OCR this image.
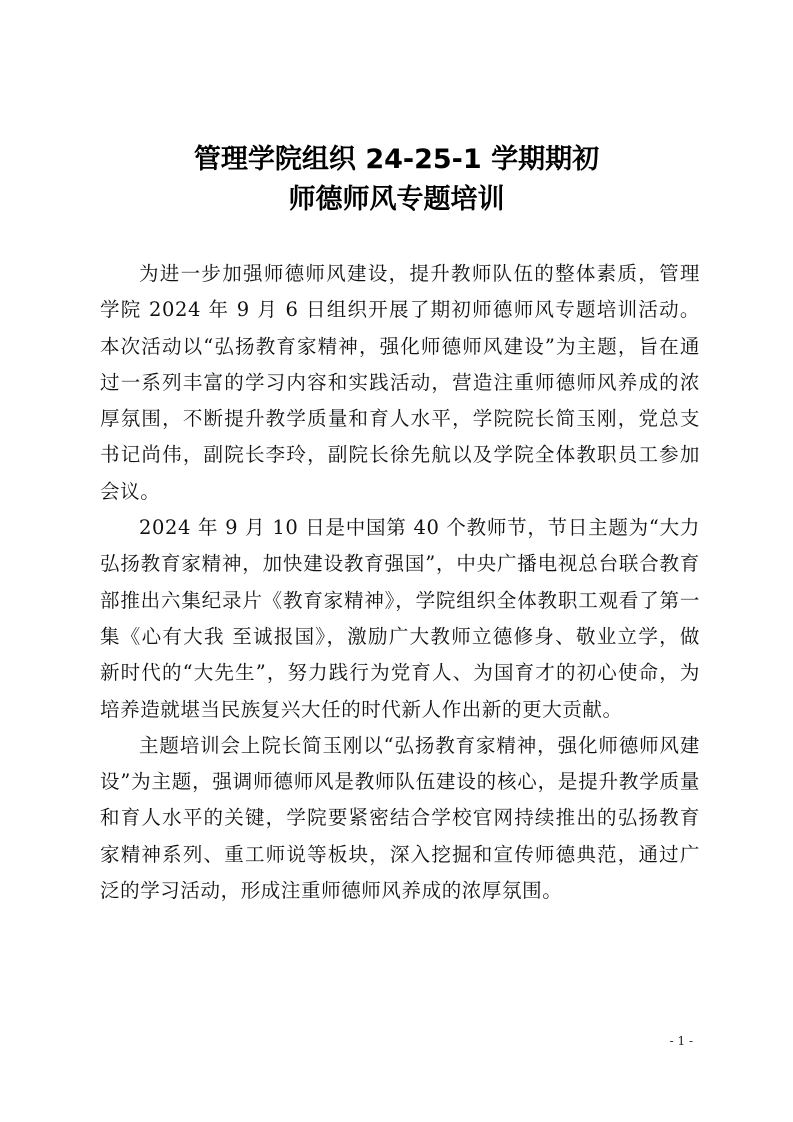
管理学院组织 24-25-1 学期期初
师德师风专题培训

为进一步加强师德师风建设，提升教师队伍的整体素质，管理学院 2024 年 9 月 6 日组织开展了期初师德师风专题培训活动。本次活动以“弘扬教育家精神，强化师德师风建设”为主题，旨在通过一系列丰富的学习内容和实践活动，营造注重师德师风养成的浓厚氛围，不断提升教学质量和育人水平，学院院长简玉刚，党总支书记尚伟，副院长李玲，副院长徐先航以及学院全体教职员工参加会议。

2024 年 9 月 10 日是中国第 40 个教师节，节日主题为“大力弘扬教育家精神，加快建设教育强国”，中央广播电视总台联合教育部推出六集纪录片《教育家精神》，学院组织全体教职工观看了第一集《心有大我 至诚报国》，激励广大教师立德修身、敬业立学，做新时代的“大先生”，努力践行为党育人、为国育才的初心使命，为培养造就堪当民族复兴大任的时代新人作出新的更大贡献。

主题培训会上院长简玉刚以“弘扬教育家精神，强化师德师风建设”为主题，强调师德师风是教师队伍建设的核心，是提升教学质量和育人水平的关键，学院要紧密结合学校官网持续推出的弘扬教育家精神系列、重工师说等板块，深入挖掘和宣传师德典范，通过广泛的学习活动，形成注重师德师风养成的浓厚氛围。

- 1 -
